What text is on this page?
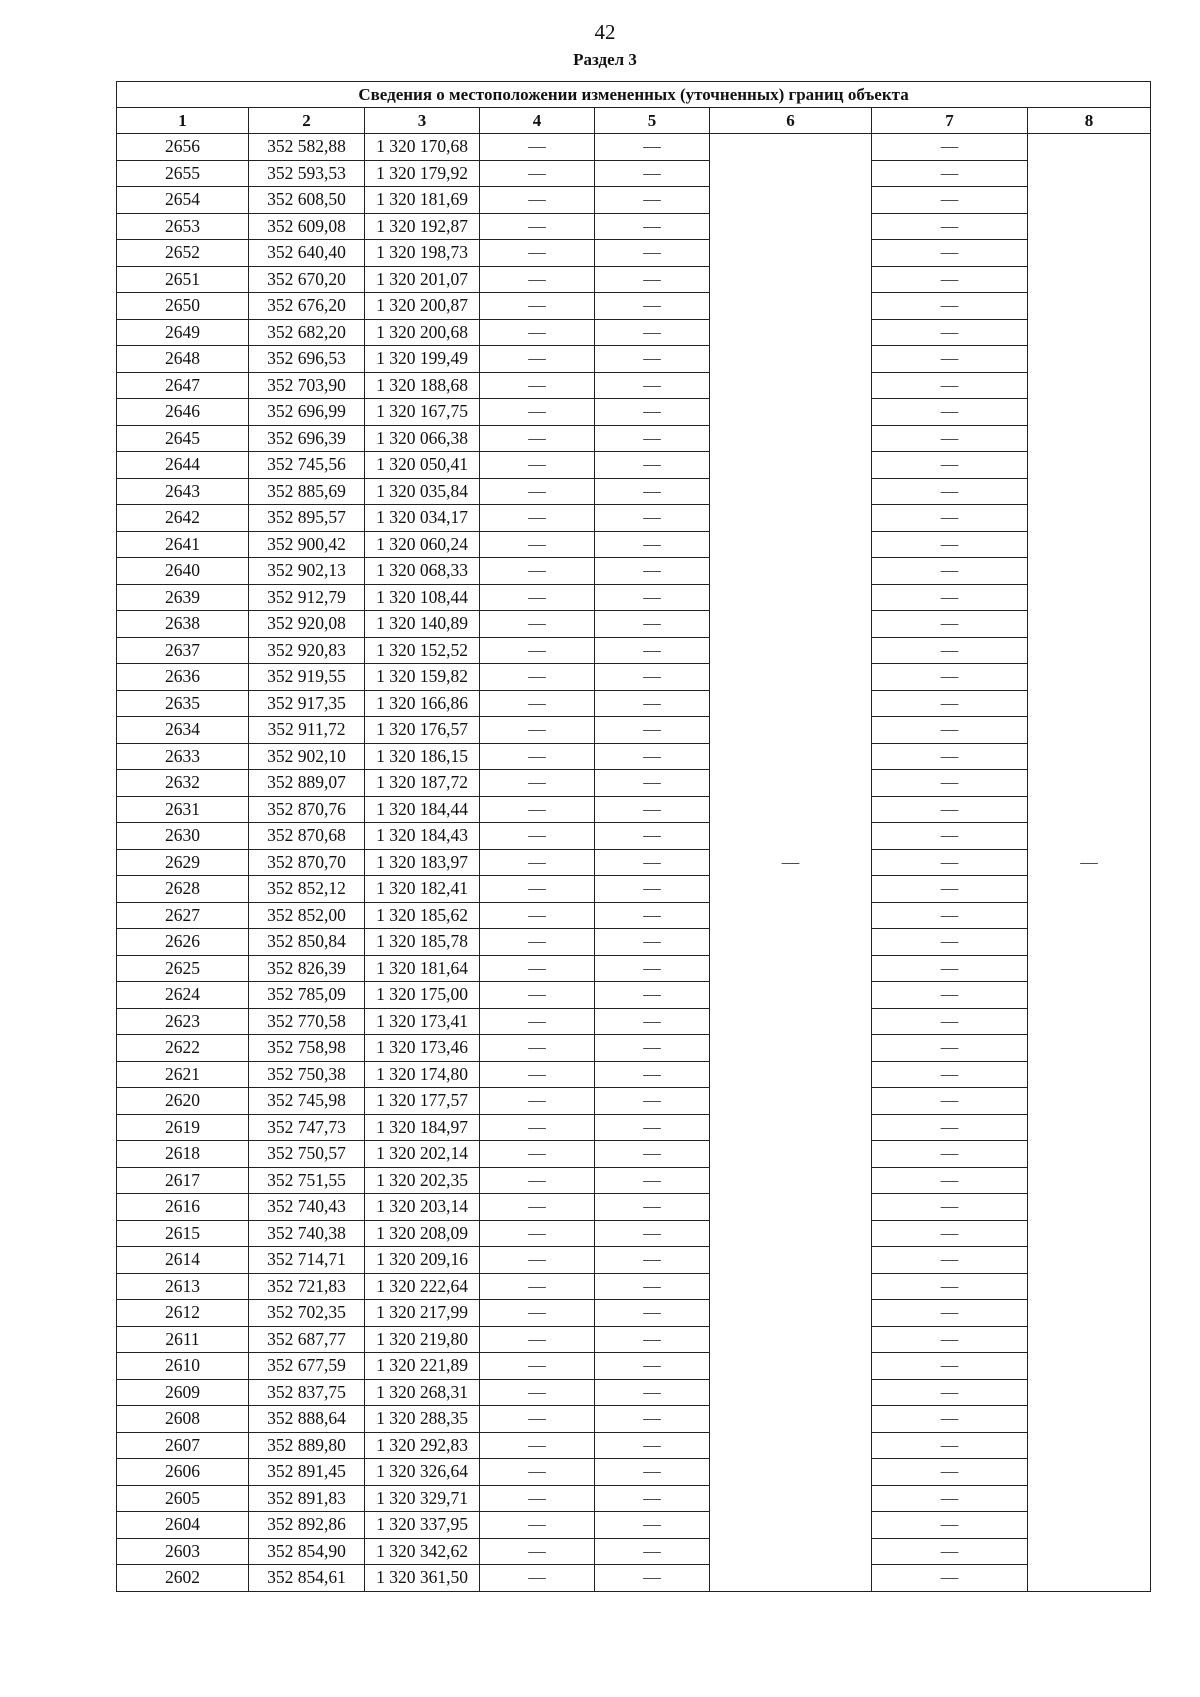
42
Раздел 3
Сведения о местоположении измененных (уточненных) границ объекта							
1	2	3	4	5	6	7	8
2656	352 582,88	1 320 170,68	—	—	—	—	—
2655	352 593,53	1 320 179,92	—	—		—	
2654	352 608,50	1 320 181,69	—	—		—	
2653	352 609,08	1 320 192,87	—	—		—	
2652	352 640,40	1 320 198,73	—	—		—	
2651	352 670,20	1 320 201,07	—	—		—	
2650	352 676,20	1 320 200,87	—	—		—	
2649	352 682,20	1 320 200,68	—	—		—	
2648	352 696,53	1 320 199,49	—	—		—	
2647	352 703,90	1 320 188,68	—	—		—	
2646	352 696,99	1 320 167,75	—	—		—	
2645	352 696,39	1 320 066,38	—	—		—	
2644	352 745,56	1 320 050,41	—	—		—	
2643	352 885,69	1 320 035,84	—	—		—	
2642	352 895,57	1 320 034,17	—	—		—	
2641	352 900,42	1 320 060,24	—	—		—	
2640	352 902,13	1 320 068,33	—	—		—	
2639	352 912,79	1 320 108,44	—	—		—	
2638	352 920,08	1 320 140,89	—	—		—	
2637	352 920,83	1 320 152,52	—	—		—	
2636	352 919,55	1 320 159,82	—	—		—	
2635	352 917,35	1 320 166,86	—	—		—	
2634	352 911,72	1 320 176,57	—	—		—	
2633	352 902,10	1 320 186,15	—	—		—	
2632	352 889,07	1 320 187,72	—	—		—	
2631	352 870,76	1 320 184,44	—	—		—	
2630	352 870,68	1 320 184,43	—	—		—	
2629	352 870,70	1 320 183,97	—	—		—	
2628	352 852,12	1 320 182,41	—	—		—	
2627	352 852,00	1 320 185,62	—	—		—	
2626	352 850,84	1 320 185,78	—	—		—	
2625	352 826,39	1 320 181,64	—	—		—	
2624	352 785,09	1 320 175,00	—	—		—	
2623	352 770,58	1 320 173,41	—	—		—	
2622	352 758,98	1 320 173,46	—	—		—	
2621	352 750,38	1 320 174,80	—	—		—	
2620	352 745,98	1 320 177,57	—	—		—	
2619	352 747,73	1 320 184,97	—	—		—	
2618	352 750,57	1 320 202,14	—	—		—	
2617	352 751,55	1 320 202,35	—	—		—	
2616	352 740,43	1 320 203,14	—	—		—	
2615	352 740,38	1 320 208,09	—	—		—	
2614	352 714,71	1 320 209,16	—	—		—	
2613	352 721,83	1 320 222,64	—	—		—	
2612	352 702,35	1 320 217,99	—	—		—	
2611	352 687,77	1 320 219,80	—	—		—	
2610	352 677,59	1 320 221,89	—	—		—	
2609	352 837,75	1 320 268,31	—	—		—	
2608	352 888,64	1 320 288,35	—	—		—	
2607	352 889,80	1 320 292,83	—	—		—	
2606	352 891,45	1 320 326,64	—	—		—	
2605	352 891,83	1 320 329,71	—	—		—	
2604	352 892,86	1 320 337,95	—	—		—	
2603	352 854,90	1 320 342,62	—	—		—	
2602	352 854,61	1 320 361,50	—	—		—	
